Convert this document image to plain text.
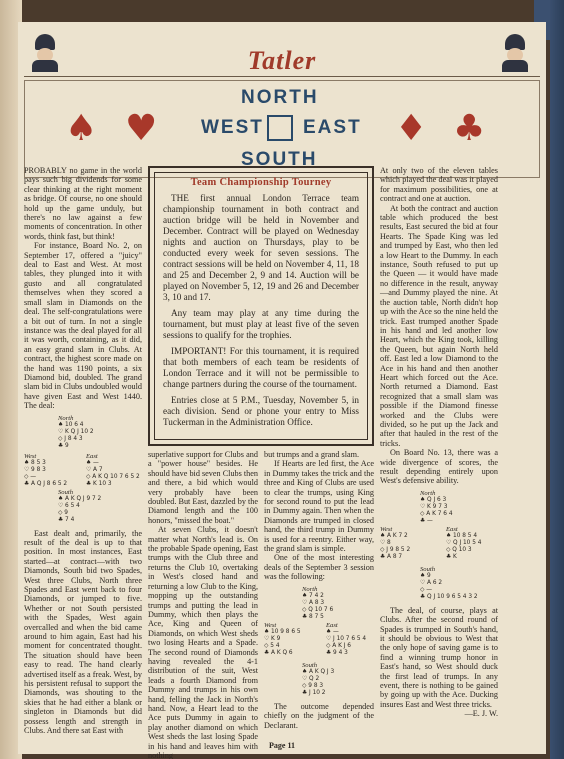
Tatler
♠ ♥
NORTH
WEST EAST
SOUTH
♦ ♣

PROBABLY no game in the world pays such big dividends for some clear thinking at the right moment as bridge. Of course, no one should hold up the game unduly, but there's no law against a few moments of concentration. In other words, think fast, but think!

For instance, Board No. 2, on September 17, offered a "juicy" deal to East and West. At most tables, they plunged into it with gusto and all congratulated themselves when they scored a small slam in Diamonds on the deal. The self-congratulations were a bit out of turn. In not a single instance was the deal played for all it was worth, containing, as it did, an easy grand slam in Clubs. At contract, the highest score made on the hand was 1190 points, a six Diamond bid, doubled. The grand slam bid in Clubs undoubled would have given East and West 1440. The deal:

North
♠ 10 6 4
♡ K Q J 10 2
◇ J 8 4 3
♣ 9
West
♠ 8 5 3
♡ 9 8 3
◇ —
♣ A Q J 8 6 5 2
East
♠ —
♡ A 7
◇ A K Q 10 7 6 5 2
♣ K 10 3
South
♠ A K Q J 9 7 2
♡ 6 5 4
◇ 9
♣ 7 4

East dealt and, primarily, the result of the deal is up to that position. In most instances, East started—at contract—with two Diamonds, South bid two Spades, West three Clubs, North three Spades and East went back to four Diamonds, or jumped to five. Whether or not South persisted with the Spades, West again overcalled and when the bid came around to him again, East had his moment for concentrated thought. The situation should have been easy to read. The hand clearly advertised itself as a freak. West, by his persistent refusal to support the Diamonds, was shouting to the skies that he had either a blank or singleton in Diamonds but did possess length and strength in Clubs. And there sat East with

Team Championship Tourney

THE first annual London Terrace team championship tournament in both contract and auction bridge will be held in November and December. Contract will be played on Wednesday nights and auction on Thursdays, play to be conducted every week for seven sessions. The contract sessions will be held on November 4, 11, 18 and 25 and December 2, 9 and 14. Auction will be played on November 5, 12, 19 and 26 and December 3, 10 and 17.

Any team may play at any time during the tournament, but must play at least five of the seven sessions to qualify for the trophies.

IMPORTANT! For this tournament, it is required that both members of each team be residents of London Terrace and it will not be permissible to change partners during the course of the tournament.

Entries close at 5 P.M., Tuesday, November 5, in each division. Send or phone your entry to Miss Tuckerman in the Administration Office.

superlative support for Clubs and a "power house" besides. He should have bid seven Clubs then and there, a bid which would very probably have been doubled. But East, dazzled by the Diamond length and the 100 honors, "missed the boat."

At seven Clubs, it doesn't matter what North's lead is. On the probable Spade opening, East trumps with the Club three and returns the Club 10, overtaking in West's closed hand and returning a low Club to the King, mopping up the outstanding trumps and putting the lead in Dummy, which then plays the Ace, King and Queen of Diamonds, on which West sheds two losing Hearts and a Spade. The second round of Diamonds having revealed the 4-1 distribution of the suit, West leads a fourth Diamond from Dummy and trumps in his own hand, felling the Jack in North's hand. Now, a Heart lead to the Ace puts Dummy in again to play another diamond on which West sheds the last losing Spade in his hand and leaves him with nothing

but trumps and a grand slam.

If Hearts are led first, the Ace in Dummy takes the trick and the three and King of Clubs are used to clear the trumps, using King for second round to put the lead in Dummy again. Then when the Diamonds are trumped in closed hand, the third trump in Dummy is used for a reentry. Either way, the grand slam is simple.

One of the most interesting deals of the September 3 session was the following:

North
♠ 7 4 2
♡ A 8 3
◇ Q 10 7 6
♣ 8 7 5
West
♠ 10 9 8 6 5
♡ K 9
◇ 5 4
♣ A K Q 6
East
♠ —
♡ J 10 7 6 5 4
◇ A K J 6
♣ 9 4 3
South
♠ A K Q J 3
♡ Q 2
◇ 9 8 3
♣ J 10 2

The outcome depended chiefly on the judgment of the Declarant.

At only two of the eleven tables which played the deal was it played for maximum possibilities, one at contract and one at auction.

At both the contract and auction table which produced the best results, East secured the bid at four Hearts. The Spade King was led and trumped by East, who then led a low Heart to the Dummy. In each instance, South refused to put up the Queen — it would have made no difference in the result, anyway—and Dummy played the nine. At the auction table, North didn't hop up with the Ace so the nine held the trick. East trumped another Spade in his hand and led another low Heart, which the King took, killing the Queen, but again North held off. East led a low Diamond to the Ace in his hand and then another Heart which forced out the Ace. North returned a Diamond. East recognized that a small slam was possible if the Diamond finesse worked and the Clubs were divided, so he put up the Jack and after that hauled in the rest of the tricks.

On Board No. 13, there was a wide divergence of scores, the result depending entirely upon West's defensive ability.

North
♠ Q J 6 3
♡ K 9 7 3
◇ A K 7 6 4
♣ —
West
♠ A K 7 2
♡ 8
◇ J 9 8 5 2
♣ A 8 7
East
♠ 10 8 5 4
♡ Q J 10 5 4
◇ Q 10 3
♣ K
South
♠ 9
♡ A 6 2
◇ —
♣ Q J 10 9 6 5 4 3 2

The deal, of course, plays at Clubs. After the second round of Spades is trumped in South's hand, it should be obvious to West that the only hope of saving game is to find a winning trump honor in East's hand, so West should duck the first lead of trumps. In any event, there is nothing to be gained by going up with the Ace. Ducking insures East and West three tricks.

—E. J. W.

Page 11
